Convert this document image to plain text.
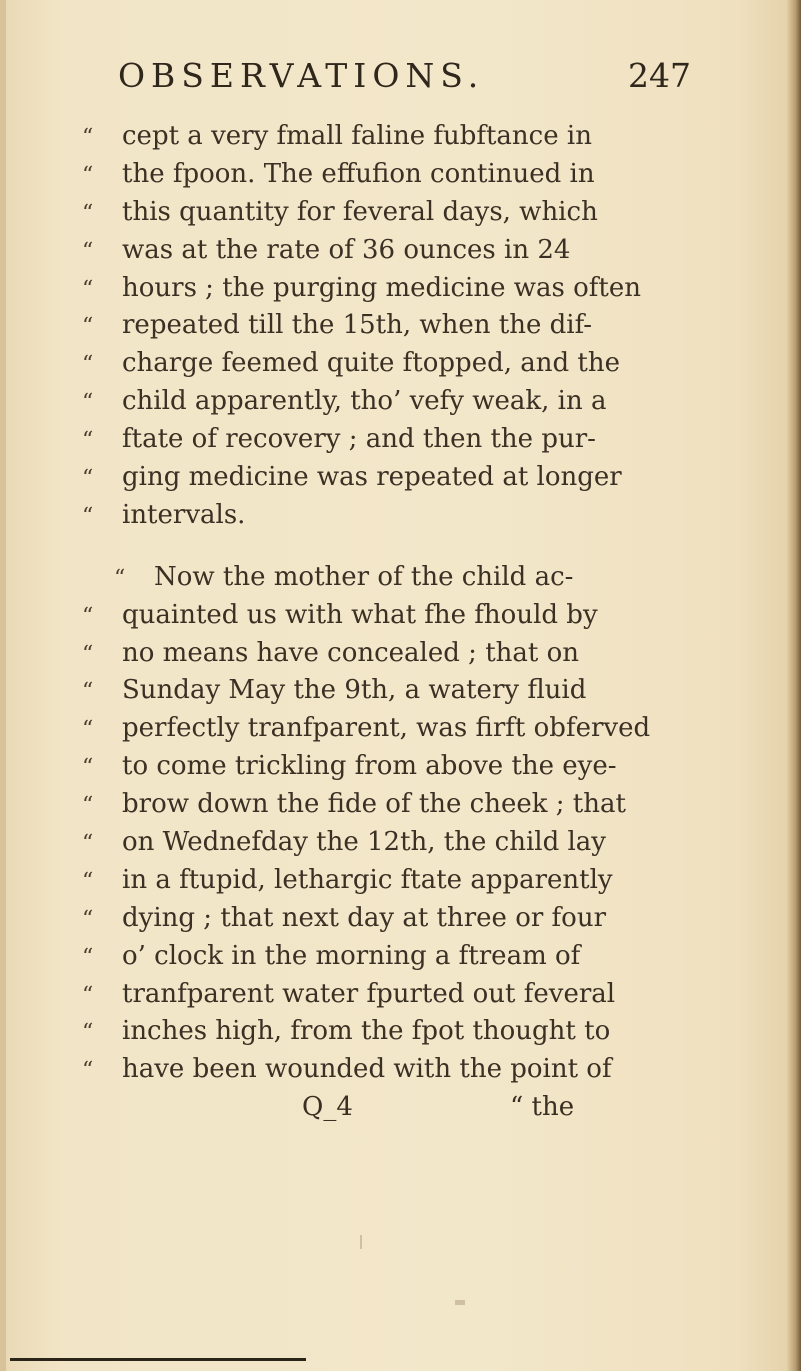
OBSERVATIONS.	247
“ cept a very fmall faline fubftance in
“ the fpoon. The effufion continued in
“ this quantity for feveral days, which
“ was at the rate of 36 ounces in 24
“ hours ; the purging medicine was often
“ repeated till the 15th, when the dif-
“ charge feemed quite ftopped, and the
“ child apparently, tho’ vefy weak, in a
“ ftate of recovery ; and then the pur-
“ ging medicine was repeated at longer
“ intervals.
“ Now the mother of the child ac-
“ quainted us with what fhe fhould by
“ no means have concealed ; that on
“ Sunday May the 9th, a watery fluid
“ perfectly tranfparent, was firft obferved
“ to come trickling from above the eye-
“ brow down the fide of the cheek ; that
“ on Wednefday the 12th, the child lay
“ in a ftupid, lethargic ftate apparently
“ dying ; that next day at three or four
“ o’ clock in the morning a ftream of
“ tranfparent water fpurted out feveral
“ inches high, from the fpot thought to
“ have been wounded with the point of
Q_4	“ the
